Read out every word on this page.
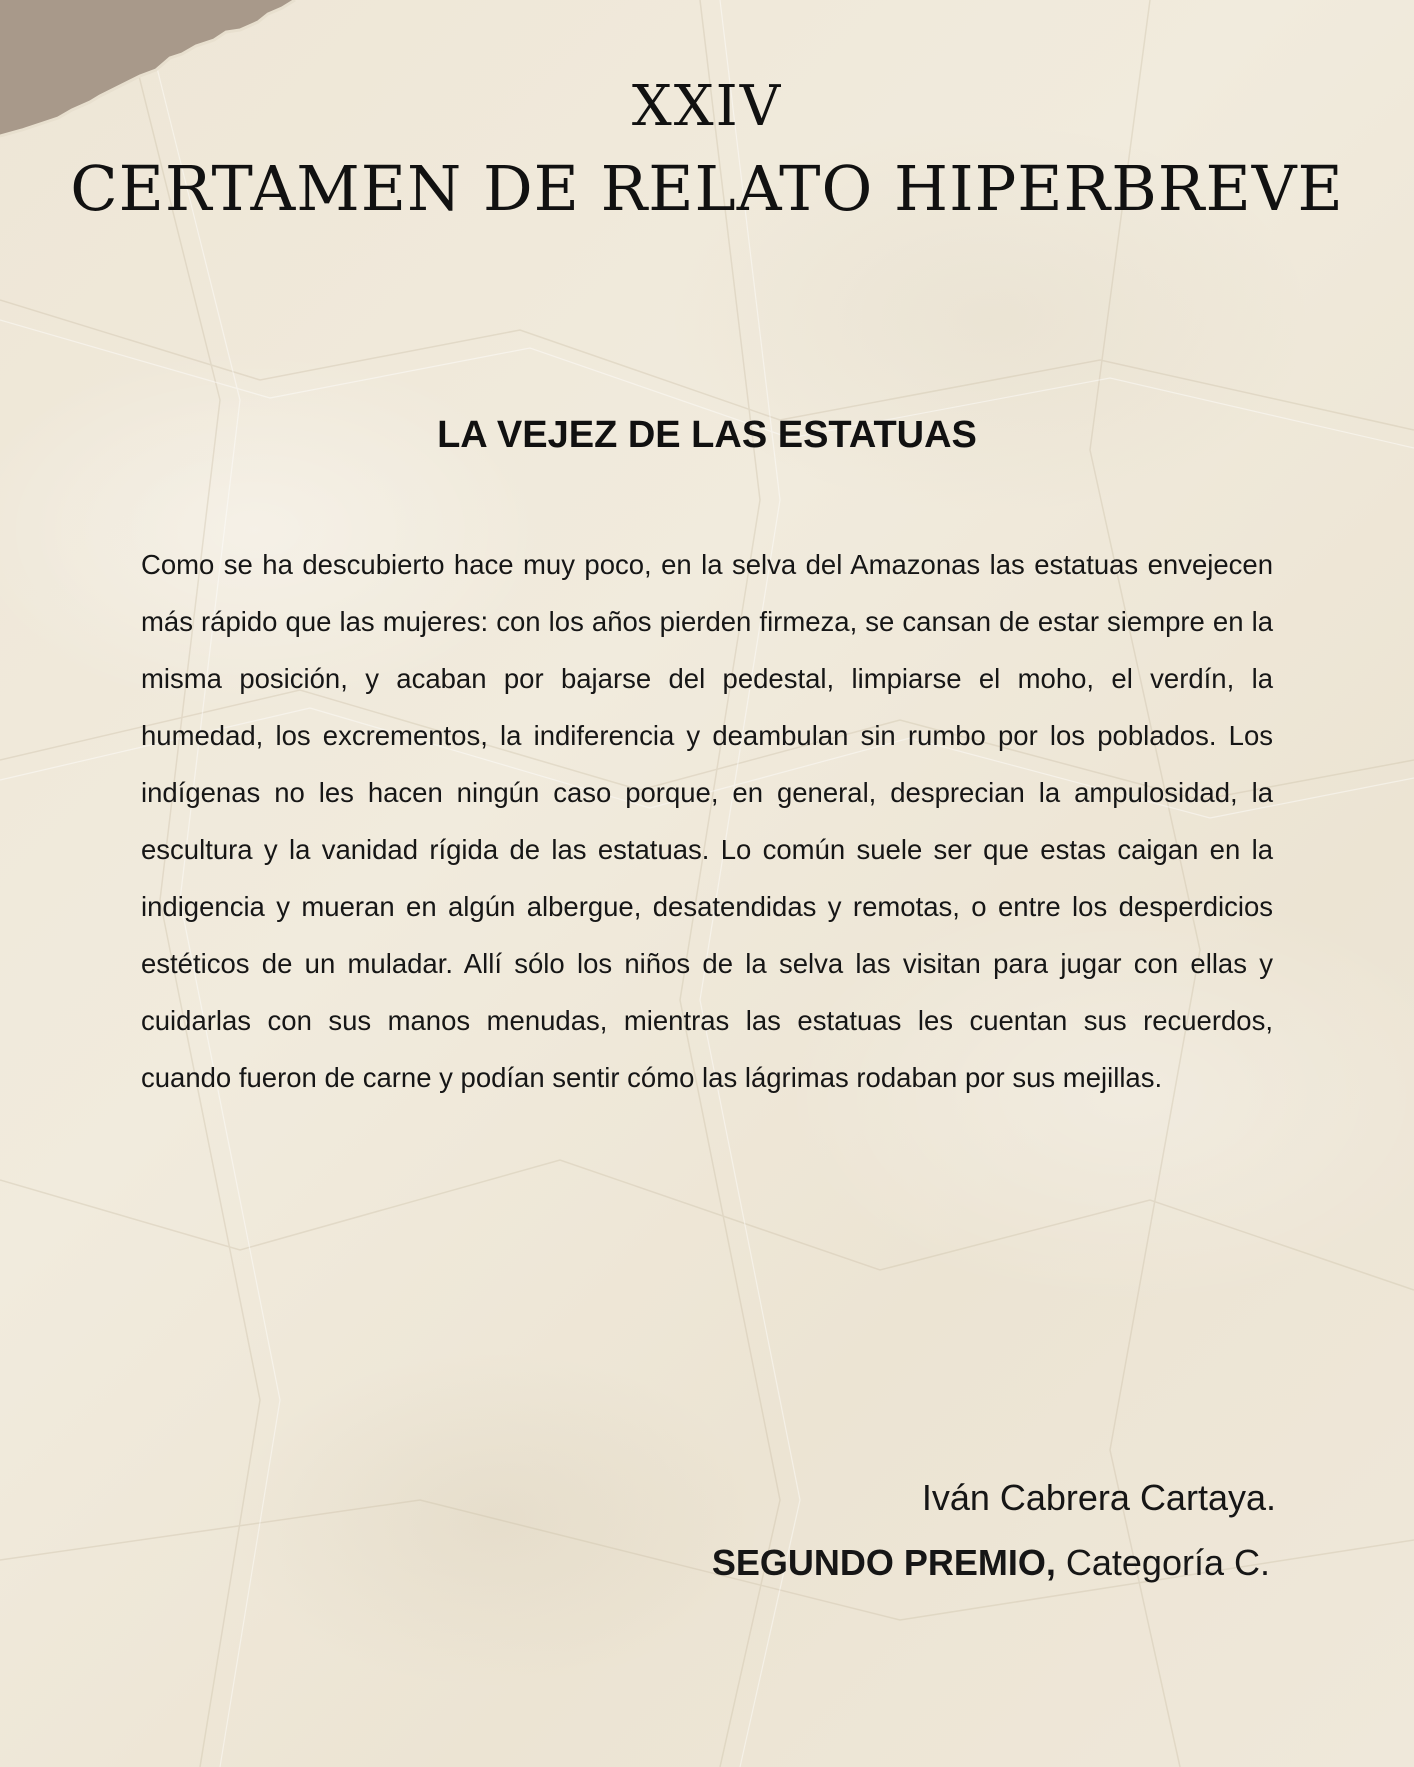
XXIV
CERTAMEN DE RELATO HIPERBREVE
LA VEJEZ DE LAS ESTATUAS

Como se ha descubierto hace muy poco, en la selva del Amazonas las estatuas envejecen más rápido que las mujeres: con los años pierden firmeza, se cansan de estar siempre en la misma posición, y acaban por bajarse del pedestal, limpiarse el moho, el verdín, la humedad, los excrementos, la indiferencia y deambulan sin rumbo por los poblados. Los indígenas no les hacen ningún caso porque, en general, desprecian la ampulosidad, la escultura y la vanidad rígida de las estatuas. Lo común suele ser que estas caigan en la indigencia y mueran en algún albergue, desatendidas y remotas, o entre los desperdicios estéticos de un muladar. Allí sólo los niños de la selva las visitan para jugar con ellas y cuidarlas con sus manos menudas, mientras las estatuas les cuentan sus recuerdos, cuando fueron de carne y podían sentir cómo las lágrimas rodaban por sus mejillas.

Iván Cabrera Cartaya.
SEGUNDO PREMIO, Categoría C.
